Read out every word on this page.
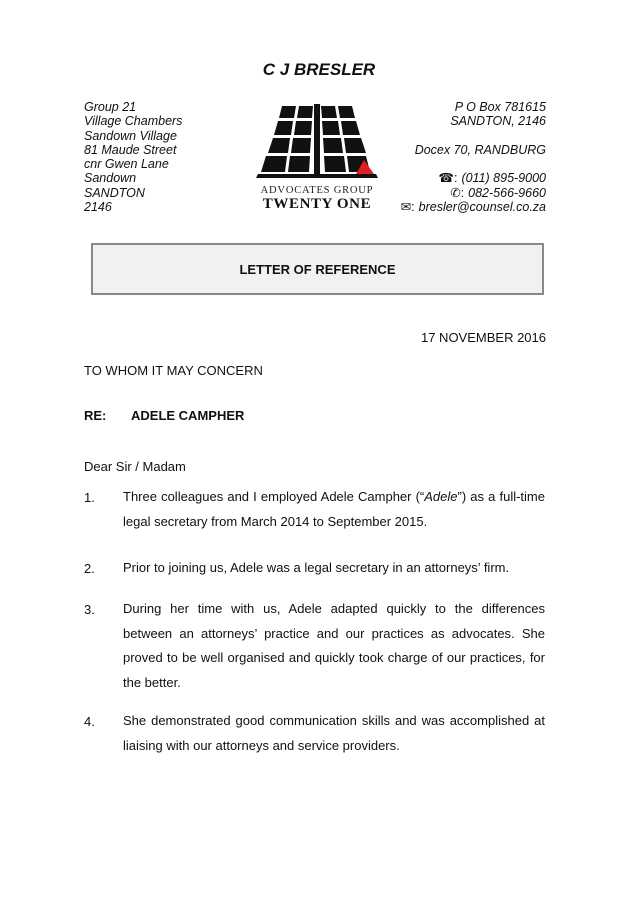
C J BRESLER
Group 21
Village Chambers
Sandown Village
81 Maude Street
cnr Gwen Lane
Sandown
SANDTON
2146
ADVOCATES GROUP
TWENTY ONE
P O Box 781615
SANDTON, 2146
Docex 70, RANDBURG
☎: (011) 895-9000
✆: 082-566-9660
✉: bresler@counsel.co.za
LETTER OF REFERENCE
17 NOVEMBER 2016
TO WHOM IT MAY CONCERN
RE: ADELE CAMPHER
Dear Sir / Madam
1. Three colleagues and I employed Adele Campher (“Adele”) as a full-time legal secretary from March 2014 to September 2015.
2. Prior to joining us, Adele was a legal secretary in an attorneys’ firm.
3. During her time with us, Adele adapted quickly to the differences between an attorneys’ practice and our practices as advocates. She proved to be well organised and quickly took charge of our practices, for the better.
4. She demonstrated good communication skills and was accomplished at liaising with our attorneys and service providers.
